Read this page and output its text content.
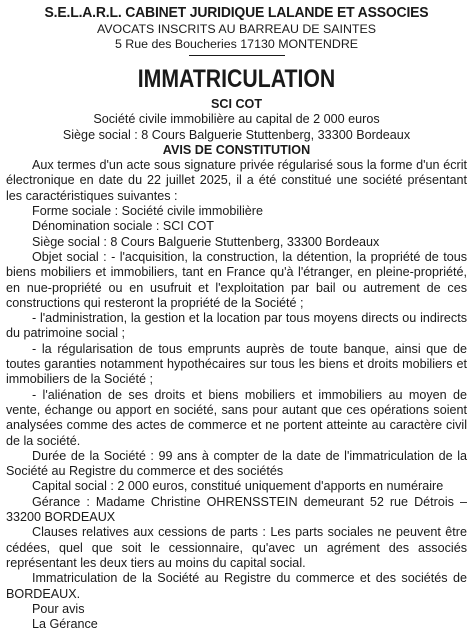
S.E.L.A.R.L. CABINET JURIDIQUE LALANDE ET ASSOCIES
AVOCATS INSCRITS AU BARREAU DE SAINTES
5 Rue des Boucheries 17130 MONTENDRE
IMMATRICULATION
SCI COT
Société civile immobilière au capital de 2 000 euros
Siège social : 8 Cours Balguerie Stuttenberg, 33300 Bordeaux
AVIS DE CONSTITUTION

Aux termes d'un acte sous signature privée régularisé sous la forme d'un écrit électronique en date du 22 juillet 2025, il a été constitué une société présentant les caractéristiques suivantes :

Forme sociale : Société civile immobilière

Dénomination sociale : SCI COT

Siège social : 8 Cours Balguerie Stuttenberg, 33300 Bordeaux

Objet social : - l'acquisition, la construction, la détention, la propriété de tous biens mobiliers et immobiliers, tant en France qu'à l'étranger, en pleine-propriété, en nue-propriété ou en usufruit et l'exploitation par bail ou autrement de ces constructions qui resteront la propriété de la Société ;

- l'administration, la gestion et la location par tous moyens directs ou indirects du patrimoine social ;

- la régularisation de tous emprunts auprès de toute banque, ainsi que de toutes garanties notamment hypothécaires sur tous les biens et droits mobiliers et immobiliers de la Société ;

- l'aliénation de ses droits et biens mobiliers et immobiliers au moyen de vente, échange ou apport en société, sans pour autant que ces opérations soient analysées comme des actes de commerce et ne portent atteinte au caractère civil de la société.

Durée de la Société : 99 ans à compter de la date de l'immatriculation de la Société au Registre du commerce et des sociétés

Capital social : 2 000 euros, constitué uniquement d'apports en numéraire

Gérance : Madame Christine OHRENSSTEIN demeurant 52 rue Détrois – 33200 BORDEAUX

Clauses relatives aux cessions de parts : Les parts sociales ne peuvent être cédées, quel que soit le cessionnaire, qu'avec un agrément des associés représentant les deux tiers au moins du capital social.

Immatriculation de la Société au Registre du commerce et des sociétés de BORDEAUX.

Pour avis

La Gérance
